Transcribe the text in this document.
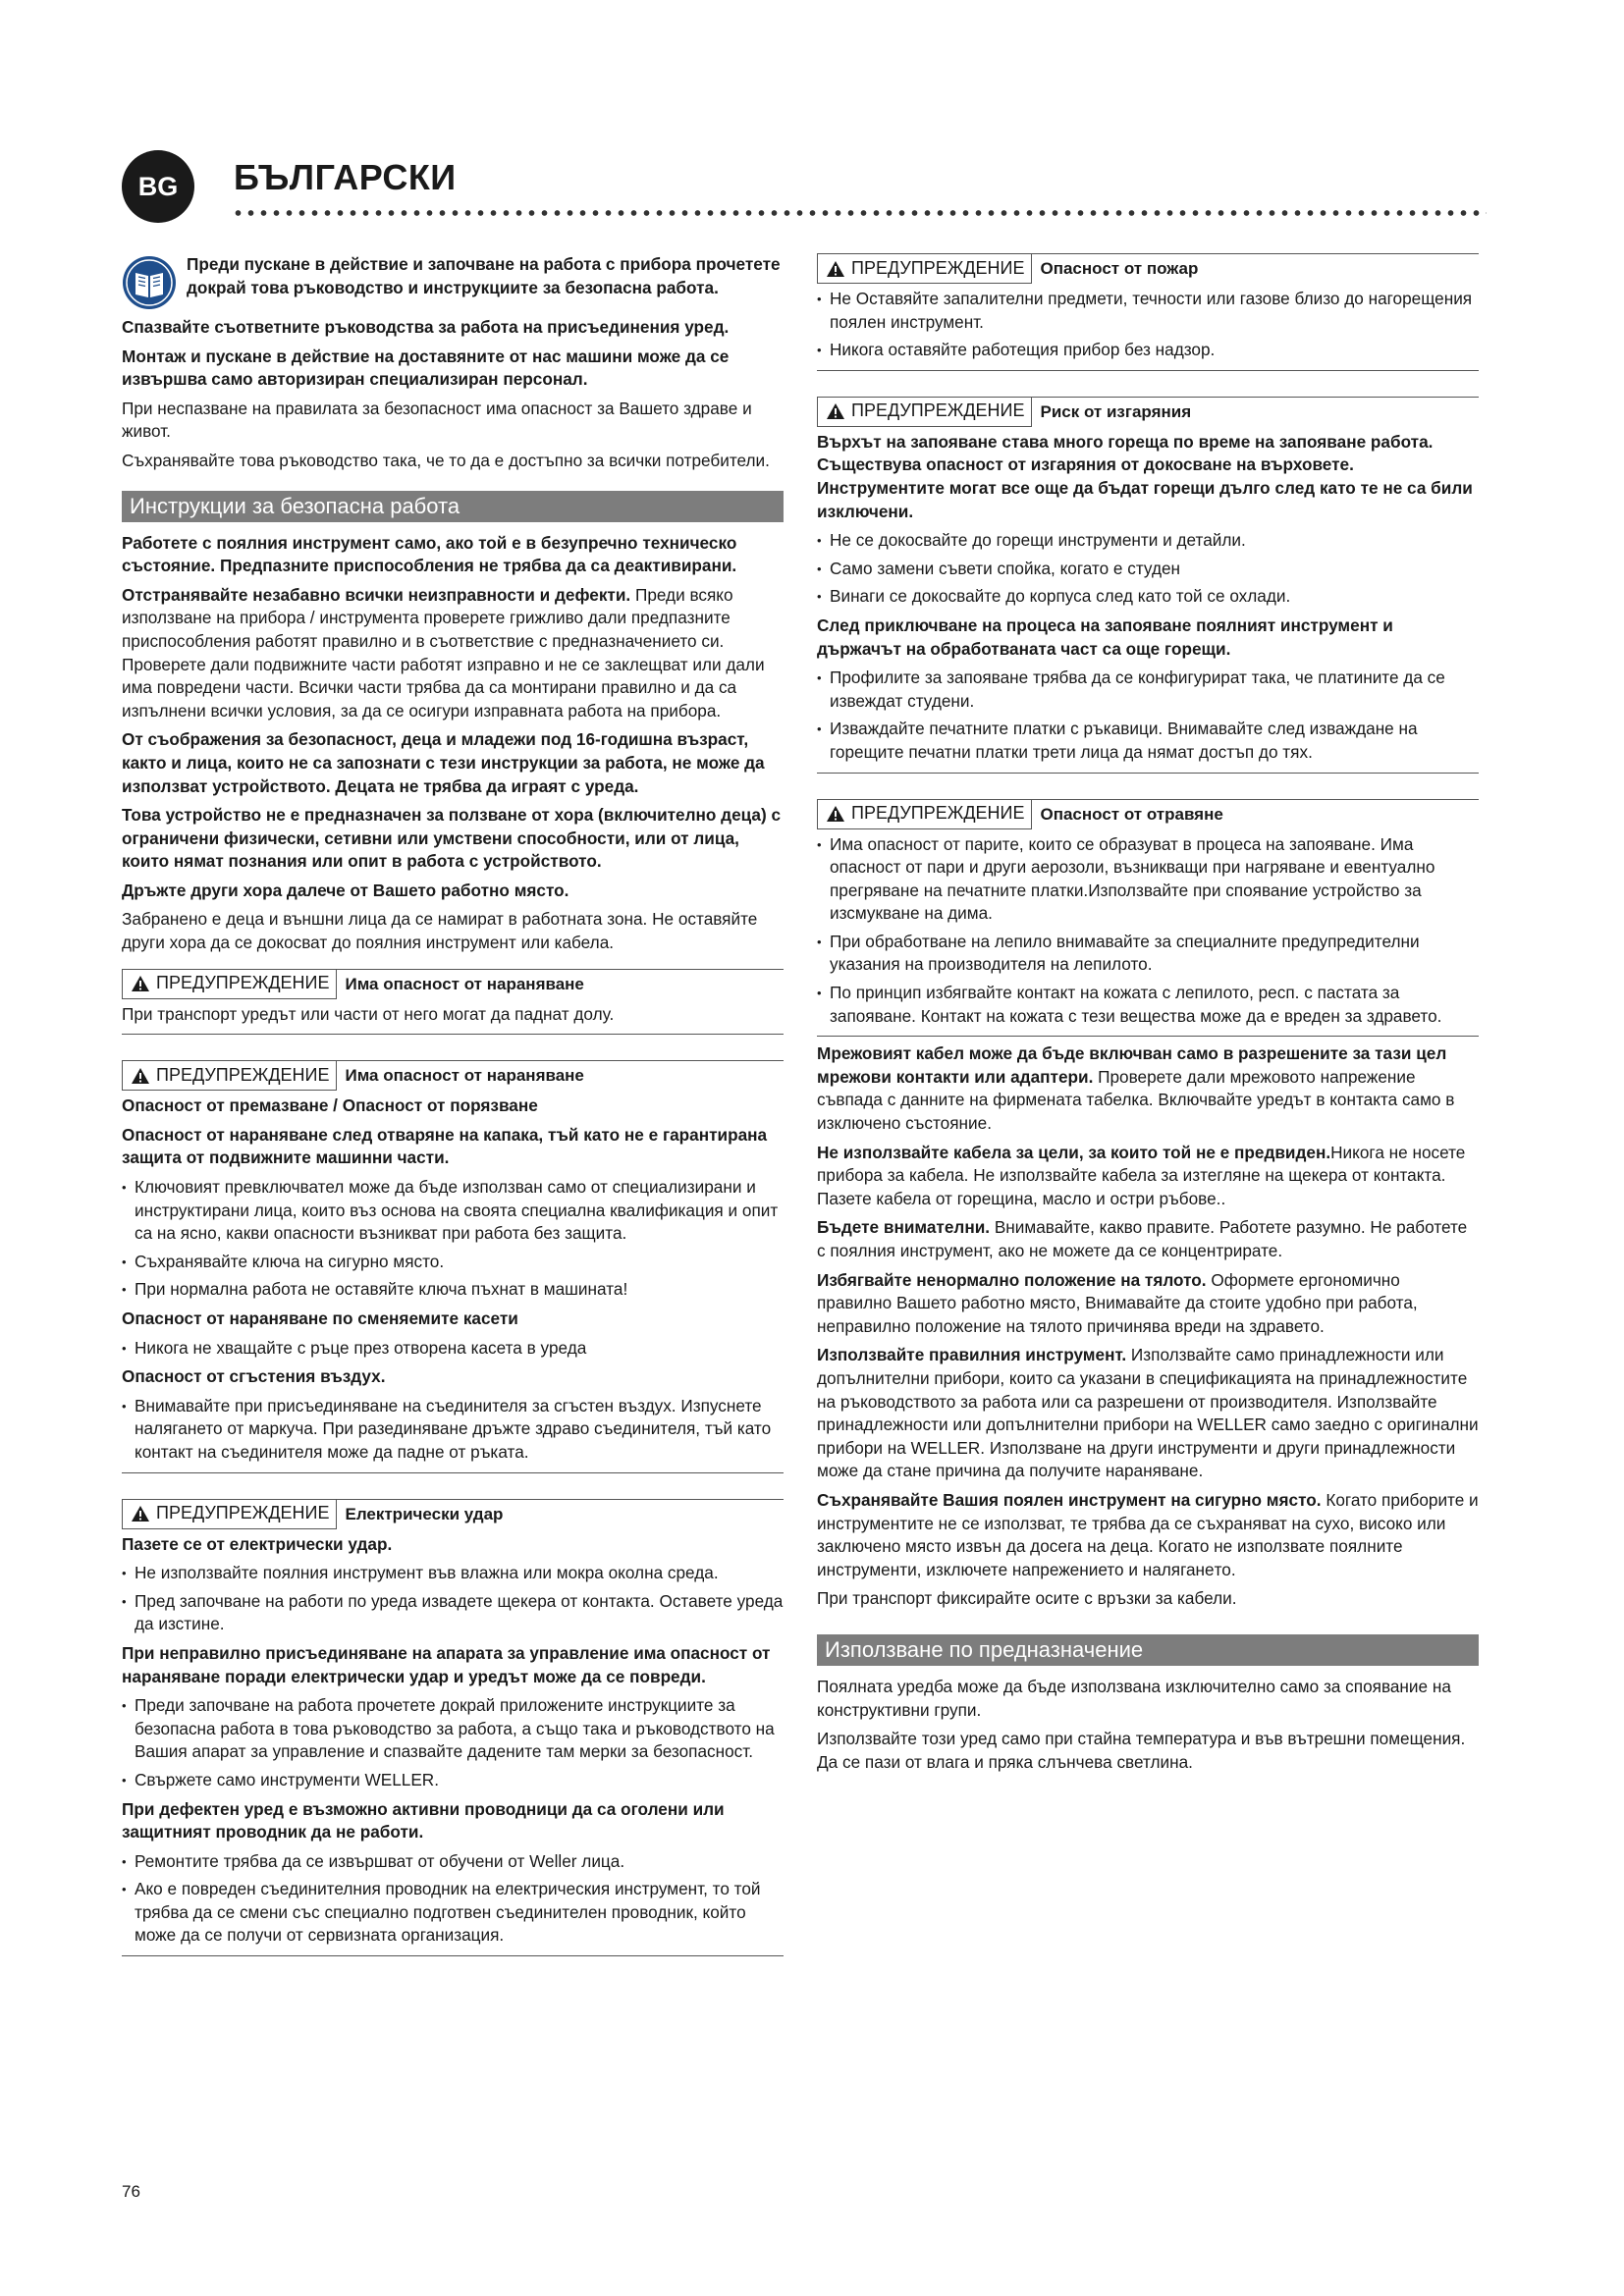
BG	БЪЛГАРСКИ

Преди пускане в действие и започване на работа с прибора прочетете докрай това ръководство и инструкциите за безопасна работа.

Спазвайте съответните ръководства за работа на присъединения уред.

Монтаж и пускане в действие на доставяните от нас машини може да се извършва само авторизиран специализиран персонал.

При неспазване на правилата за безопасност има опасност за Вашето здраве и живот.

Съхранявайте това ръководство така, че то да е достъпно за всички потребители.

Инструкции за безопасна работа

Работете с поялния инструмент само, ако той е в безупречно техническо състояние. Предпазните приспособления не трябва да са деактивирани.

Отстранявайте незабавно всички неизправности и дефекти. Преди всяко използване на прибора / инструмента проверете грижливо дали предпазните приспособления работят правилно и в съответствие с предназначението си. Проверете дали подвижните части работят изправно и не се заклещват или дали има повредени части. Всички части трябва да са монтирани правилно и да са изпълнени всички условия, за да се осигури изправната работа на прибора.

От съображения за безопасност, деца и младежи под 16-годишна възраст, както и лица, които не са запознати с тези инструкции за работа, не може да използват устройството. Децата не трябва да играят с уреда.

Това устройство не е предназначен за ползване от хора (включително деца) с ограничени физически, сетивни или умствени способности, или от лица, които нямат познания или опит в работа с устройството.

Дръжте други хора далече от Вашето работно място.

Забранено е деца и външни лица да се намират в работната зона. Не оставяйте други хора да се докосват до поялния инструмент или кабела.

ПРЕДУПРЕЖДЕНИЕ Има опасност от нараняване

При транспорт уредът или части от него могат да паднат долу.

ПРЕДУПРЕЖДЕНИЕ Има опасност от нараняване

Опасност от премазване / Опасност от порязване

Опасност от нараняване след отваряне на капака, тъй като не е гарантирана защита от подвижните машинни части.

• Ключовият превключвател може да бъде използван само от специализирани и инструктирани лица, които въз основа на своята специална квалификация и опит са на ясно, какви опасности възникват при работа без защита.
• Съхранявайте ключа на сигурно място.
• При нормална работа не оставяйте ключа пъхнат в машината!

Опасност от нараняване по сменяемите касети

• Никога не хващайте с ръце през отворена касета в уреда

Опасност от сгъстения въздух.

• Внимавайте при присъединяване на съединителя за сгъстен въздух. Изпуснете налягането от маркуча. При разединяване дръжте здраво съединителя, тъй като контакт на съединителя може да падне от ръката.
ПРЕДУПРЕЖДЕНИЕ Електрически удар

Пазете се от електрически удар.

• Не използвайте поялния инструмент във влажна или мокра околна среда.
• Пред започване на работи по уреда извадете щекера от контакта. Оставете уреда да изстине.

При неправилно присъединяване на апарата за управление има опасност от нараняване поради електрически удар и уредът може да се повреди.

• Преди започване на работа прочетете докрай приложените инструкциите за безопасна работа в това ръководство за работа, а също така и ръководството на Вашия апарат за управление и спазвайте дадените там мерки за безопасност.
• Свържете само инструменти WELLER.

При дефектен уред е възможно активни проводници да са оголени или защитният проводник да не работи.

• Ремонтите трябва да се извършват от обучени от Weller лица.
• Ако е повреден съединителния проводник на електрическия инструмент, то той трябва да се смени със специално подготвен съединителен проводник, който може да се получи от сервизната организация.
ПРЕДУПРЕЖДЕНИЕ Опасност от пожар
• Не Оставяйте запалителни предмети, течности или газове близо до нагорещения поялен инструмент.
• Никога оставяйте работещия прибор без надзор.
ПРЕДУПРЕЖДЕНИЕ Риск от изгаряния

Върхът на запояване става много гореща по време на запояване работа. Съществува опасност от изгаряния от докосване на върховете. Инструментите могат все още да бъдат горещи дълго след като те не са били изключени.

• Не се докосвайте до горещи инструменти и детайли.
• Само замени съвети спойка, когато е студен
• Винаги се докосвайте до корпуса след като той се охлади.

След приключване на процеса на запояване поялният инструмент и държачът на обработваната част са още горещи.

• Профилите за запояване трябва да се конфигурират така, че платините да се извеждат студени.
• Изваждайте печатните платки с ръкавици. Внимавайте след изваждане на горещите печатни платки трети лица да нямат достъп до тях.
ПРЕДУПРЕЖДЕНИЕ Опасност от отравяне
• Има опасност от парите, които се образуват в процеса на запояване. Има опасност от пари и други аерозоли, възникващи при нагряване и евентуално прегряване на печатните платки.Използвайте при споявание устройство за изсмукване на дима.
• При обработване на лепило внимавайте за специалните предупредителни указания на производителя на лепилото.
• По принцип избягвайте контакт на кожата с лепилото, респ. с пастата за запояване. Контакт на кожата с тези вещества може да е вреден за здравето.

Мрежовият кабел може да бъде включван само в разрешените за тази цел мрежови контакти или адаптери. Проверете дали мрежовото напрежение съвпада с данните на фирмената табелка. Включвайте уредът в контакта само в изключено състояние.

Не използвайте кабела за цели, за които той не е предвиден.Никога не носете прибора за кабела. Не използвайте кабела за изтегляне на щекера от контакта. Пазете кабела от горещина, масло и остри ръбове..

Бъдете внимателни. Внимавайте, какво правите. Работете разумно. Не работете с поялния инструмент, ако не можете да се концентрирате.

Избягвайте ненормално положение на тялото. Оформете ергономично правилно Вашето работно място, Внимавайте да стоите удобно при работа, неправилно положение на тялото причинява вреди на здравето.

Използвайте правилния инструмент. Използвайте само принадлежности или допълнителни прибори, които са указани в спецификацията на принадлежностите на ръководството за работа или са разрешени от производителя. Използвайте принадлежности или допълнителни прибори на WELLER само заедно с оригинални прибори на WELLER. Използване на други инструменти и други принадлежности може да стане причина да получите нараняване.

Съхранявайте Вашия поялен инструмент на сигурно място. Когато приборите и инструментите не се използват, те трябва да се съхраняват на сухо, високо или заключено място извън да досега на деца. Когато не използвате поялните инструменти, изключете напрежението и наляганeто.

При транспорт фиксирайте осите с връзки за кабели.

Използване по предназначение

Поялната уредба може да бъде използвана изключително само за споявание на конструктивни групи.

Използвайте този уред само при стайна температура и във вътрешни помещения. Да се пази от влага и пряка слънчева светлина.

76
